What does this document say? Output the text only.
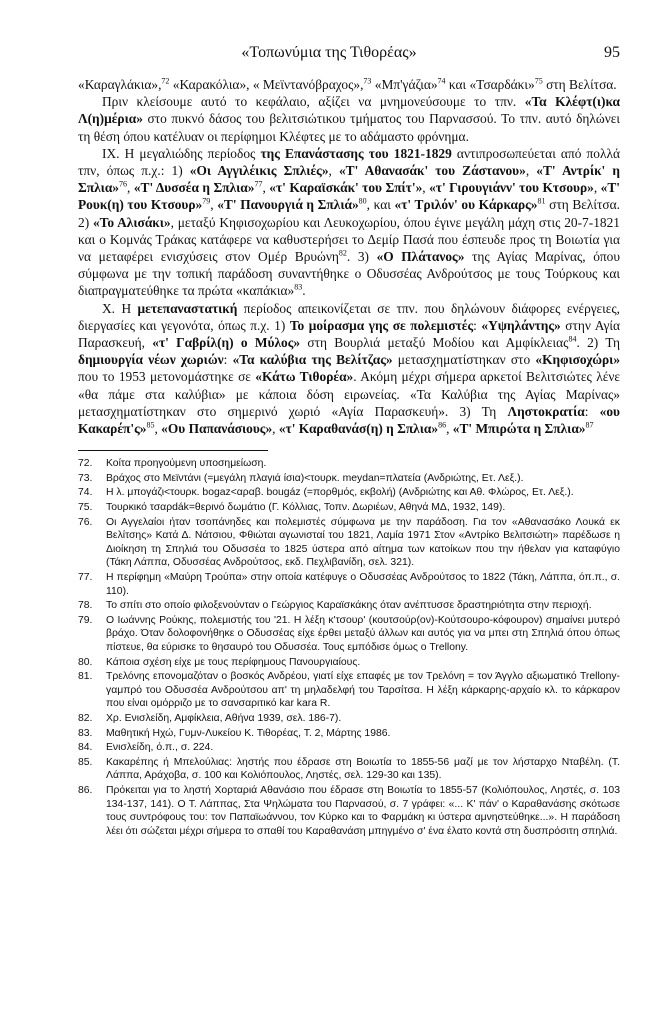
«Τοπωνύμια της Τιθορέας»	95

«Καραγλάκια»,$^{72}$ «Καρακόλια», « Μεϊντανόβραχος»,$^{73}$ «Μπ'γάζια»$^{74}$ και «Τσαρδάκι»$^{75}$ στη Βελίτσα.

Πριν κλείσουμε αυτό το κεφάλαιο, αξίζει να μνημονεύσουμε το τπν. «Τα Κλέφτ(ι)κα Λ(η)μέρια» στο πυκνό δάσος του βελιτσιώτικου τμήματος του Παρνασσού. Το τπν. αυτό δηλώνει τη θέση όπου κατέλυαν οι περίφημοι Κλέφτες με το αδάμαστο φρόνημα.

ΙΧ. Η μεγαλιώδης περίοδος της Επανάστασης του 1821-1829 αντιπροσωπεύεται από πολλά τπν, όπως π.χ.: 1) «Οι Αγγιλέικις Σπλιές», «Τ' Αθανασάκ' του Ζάστανου», «Τ' Αντρίκ' η Σπλια»$^{76}$, «Τ' Δυσσέα η Σπλια»$^{77}$, «τ' Καραϊσκάκ' του Σπίτ'», «τ' Γιρουγιάνν' του Κτσουρ», «Τ' Ρουκ(η) του Κτσουρ»$^{79}$, «Τ' Πανουργιά η Σπλιά»$^{80}$, και «τ' Τριλόν' ου Κάρκαρς»$^{81}$ στη Βελίτσα. 2) «Το Αλισάκι», μεταξύ Κηφισοχωρίου και Λευκοχωρίου, όπου έγινε μεγάλη μάχη στις 20-7-1821 και ο Κομνάς Τράκας κατάφερε να καθυστερήσει το Δεμίρ Πασά που έσπευδε προς τη Βοιωτία για να μεταφέρει ενισχύσεις στον Ομέρ Βρυώνη$^{82}$. 3) «Ο Πλάτανος» της Αγίας Μαρίνας, όπου σύμφωνα με την τοπική παράδοση συναντήθηκε ο Οδυσσέας Ανδρούτσος με τους Τούρκους και διαπραγματεύθηκε τα πρώτα «καπάκια»$^{83}$.

Χ. Η μετεπαναστατική περίοδος απεικονίζεται σε τπν. που δηλώνουν διάφορες ενέργειες, διεργασίες και γεγονότα, όπως π.χ. 1) Το μοίρασμα γης σε πολεμιστές: «Υψηλάντης» στην Αγία Παρασκευή, «τ' Γαβρίλ(η) ο Μύλος» στη Βουρλιά μεταξύ Μοδίου και Αμφίκλειας$^{84}$. 2) Τη δημιουργία νέων χωριών: «Τα καλύβια της Βελίτζας» μετασχηματίστηκαν στο «Κηφισοχώρι» που το 1953 μετονομάστηκε σε «Κάτω Τιθορέα». Ακόμη μέχρι σήμερα αρκετοί Βελιτσιώτες λένε «θα πάμε στα καλύβια» με κάποια δόση ειρωνείας. «Τα Καλύβια της Αγίας Μαρίνας» μετασχηματίστηκαν στο σημερινό χωριό «Αγία Παρασκευή». 3) Τη Ληστοκρατία: «ου Κακαρέπ'ς»$^{85}$, «Ου Παπανάσιους», «τ' Καραθανάσ(η) η Σπλια»$^{86}$, «Τ' Μπιρώτα η Σπλια»$^{87}$

72.	Κοίτα προηγούμενη υποσημείωση.
73.	Βράχος στο Μεϊντάνι (=μεγάλη πλαγιά ίσια)<τουρκ. meydan=πλατεία (Ανδριώτης, Ετ. Λεξ.).
74.	Η λ. μπογάζι<τουρκ. bogaz<αραβ. bougáz (=πορθμός, εκβολή) (Ανδριώτης και Αθ. Φλώρος, Ετ. Λεξ.).
75.	Τουρκικό τσαρdák=θερινό δωμάτιο (Γ. Κόλλιας, Τοπν. Δωριέων, Αθηνά ΜΔ, 1932, 149).
76.	Οι Αγγελαίοι ήταν τσοπάνηδες και πολεμιστές σύμφωνα με την παράδοση. Για τον «Αθανασάκο Λουκά εκ Βελίτσης» Κατά Δ. Νάτσιου, Φθιώται αγωνισταί του 1821, Λαμία 1971 Στον «Αντρίκο Βελιτσιώτη» παρέδωσε η Διοίκηση τη Σπηλιά του Οδυσσέα το 1825 ύστερα από αίτημα των κατοίκων που την ήθελαν για καταφύγιο (Τάκη Λάππα, Οδυσσέας Ανδρούτσος, εκδ. Πεχλιβανίδη, σελ. 321).
77.	Η περίφημη «Μαύρη Τρούπα» στην οποία κατέφυγε ο Οδυσσέας Ανδρούτσος το 1822 (Τάκη, Λάππα, όπ.π., σ. 110).
78.	Το σπίτι στο οποίο φιλοξενούνταν ο Γεώργιος Καραϊσκάκης όταν ανέπτυσσε δραστηριότητα στην περιοχή.
79.	Ο Ιωάννης Ρούκης, πολεμιστής του '21. Η λέξη κ'τσουρ' (κουτσούρ(ον)-Κούτσουρο-κόφουρον) σημαίνει μυτερό βράχο. Όταν δολοφονήθηκε ο Οδυσσέας είχε έρθει μεταξύ άλλων και αυτός για να μπει στη Σπηλιά όπου όπως πίστευε, θα εύρισκε το θησαυρό του Οδυσσέα. Τους εμπόδισε όμως ο Trellony.
80.	Κάποια σχέση είχε με τους περίφημους Πανουργιαίους.
81.	Τρελόνης επονομαζόταν ο βοσκός Ανδρέου, γιατί είχε επαφές με τον Τρελόνη = τον Άγγλο αξιωματικό Trellony-γαμπρό του Οδυσσέα Ανδρούτσου απ' τη μηλαδελφή του Ταρσίτσα. Η λέξη κάρκαρης-αρχαίο κλ. το κάρκαρον που είναι ομόρριζο με το σανσαριτικό kar kara R.
82.	Χρ. Ενισλείδη, Αμφίκλεια, Αθήνα 1939, σελ. 186-7).
83.	Μαθητική Ηχώ, Γυμν-Λυκείου Κ. Τιθορέας, Τ. 2, Μάρτης 1986.
84.	Ενισλείδη, ό.π., σ. 224.
85.	Κακαρέπης ή Μπελούλιας: ληστής που έδρασε στη Βοιωτία το 1855-56 μαζί με τον λήσταρχο Νταβέλη. (Τ. Λάππα, Αράχοβα, σ. 100 και Κολιόπουλος, Ληστές, σελ. 129-30 και 135).
86.	Πρόκειται για το ληστή Χορταριά Αθανάσιο που έδρασε στη Βοιωτία το 1855-57 (Κολιόπουλος, Ληστές, σ. 103 134-137, 141). Ο Τ. Λάππας, Στα Ψηλώματα του Παρνασού, σ. 7 γράφει: «... Κ' πάν' ο Καραθανάσης σκότωσε τους συντρόφους του: τον Παπαϊωάννου, τον Κύρκο και το Φαρμάκη κι ύστερα αμνηστεύθηκε...». Η παράδοση λέει ότι σώζεται μέχρι σήμερα το σπαθί του Καραθανάση μπηγμένο σ' ένα έλατο κοντά στη δυσπρόσιτη σπηλιά.
